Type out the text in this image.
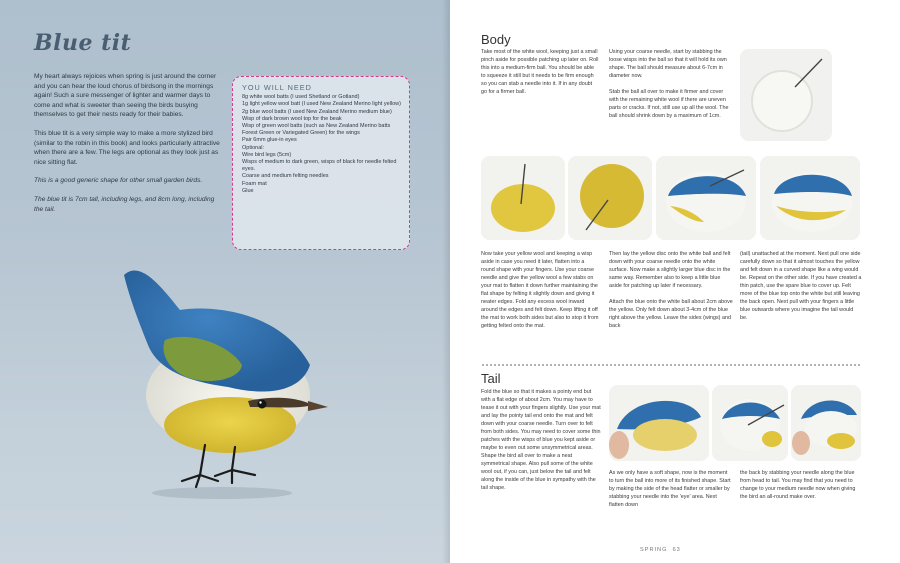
Blue tit

My heart always rejoices when spring is just around the corner and you can hear the loud chorus of birdsong in the mornings again! Such a sure messenger of lighter and warmer days to come and what is sweeter than seeing the birds busying themselves to get their nests ready for their babies.

This blue tit is a very simple way to make a more stylized bird (similar to the robin in this book) and looks particularly attractive when there are a few. The legs are optional as they look just as nice sitting flat.

This is a good generic shape for other small garden birds.

The blue tit is 7cm tall, including legs, and 8cm long, including the tail.

YOU WILL NEED
8g white wool batts (I used Shetland or Gotland)
1g light yellow wool batt (I used New Zealand Merino light yellow)
2g blue wool batts (I used New Zealand Merino medium blue)
Wisp of dark brown wool top for the beak
Wisp of green wool batts (such as New Zealand Merino batts Forest Green or Variegated Green) for the wings
Pair 6mm glue-in eyes
Optional:
Wire bird legs (5cm)
Wisps of medium to dark green, wisps of black for needle felted eyes.
Coarse and medium felting needles
Foam mat
Glue
Body

Take most of the white wool, keeping just a small pinch aside for possible patching up later on. Roll this into a medium-firm ball. You should be able to squeeze it still but it needs to be firm enough so you can stab a needle into it. If in any doubt go for a firmer ball.

Using your coarse needle, start by stabbing the loose wisps into the ball so that it will hold its own shape. The ball should measure about 6-7cm in diameter now.

Stab the ball all over to make it firmer and cover with the remaining white wool if there are uneven parts or cracks. If not, still use up all the wool. The ball should shrink down by a maximum of 1cm.

Now take your yellow wool and keeping a wisp aside in case you need it later, flatten into a round shape with your fingers. Use your coarse needle and give the yellow wool a few stabs on your mat to flatten it down further maintaining the flat shape by felting it slightly down and giving it neater edges. Fold any excess wool inward around the edges and felt down. Keep lifting it off the mat to work both sides but also to stop it from getting felted onto the mat.

Then lay the yellow disc onto the white ball and felt down with your coarse needle onto the white surface. Now make a slightly larger blue disc in the same way. Remember also to keep a little blue aside for patching up later if necessary.

Attach the blue onto the white ball about 2cm above the yellow. Only felt down about 3-4cm of the blue right above the yellow. Leave the sides (wings) and back

(tail) unattached at the moment. Next pull one side carefully down so that it almost touches the yellow and felt down in a curved shape like a wing would be. Repeat on the other side. If you have created a thin patch, use the spare blue to cover up. Felt more of the blue top onto the white but still leaving the back open. Next pull with your fingers a little blue outwards where you imagine the tail would be.

Tail

Fold the blue so that it makes a pointy end but with a flat edge of about 2cm. You may have to tease it out with your fingers slightly. Use your mat and lay the pointy tail end onto the mat and felt down with your coarse needle. Turn over to felt from both sides. You may need to cover some thin patches with the wisps of blue you kept aside or maybe to even out some unsymmetrical areas. Shape the bird all over to make a neat symmetrical shape. Also pull some of the white wool out, if you can, just below the tail and felt along the inside of the blue in sympathy with the tail shape.

As we only have a soft shape, now is the moment to turn the ball into more of its finished shape. Start by making the side of the head flatter or smaller by stabbing your needle into the 'eye' area. Next flatten down

the back by stabbing your needle along the blue from head to tail. You may find that you need to change to your medium needle now when giving the bird an all-round make over.

SPRING 63
